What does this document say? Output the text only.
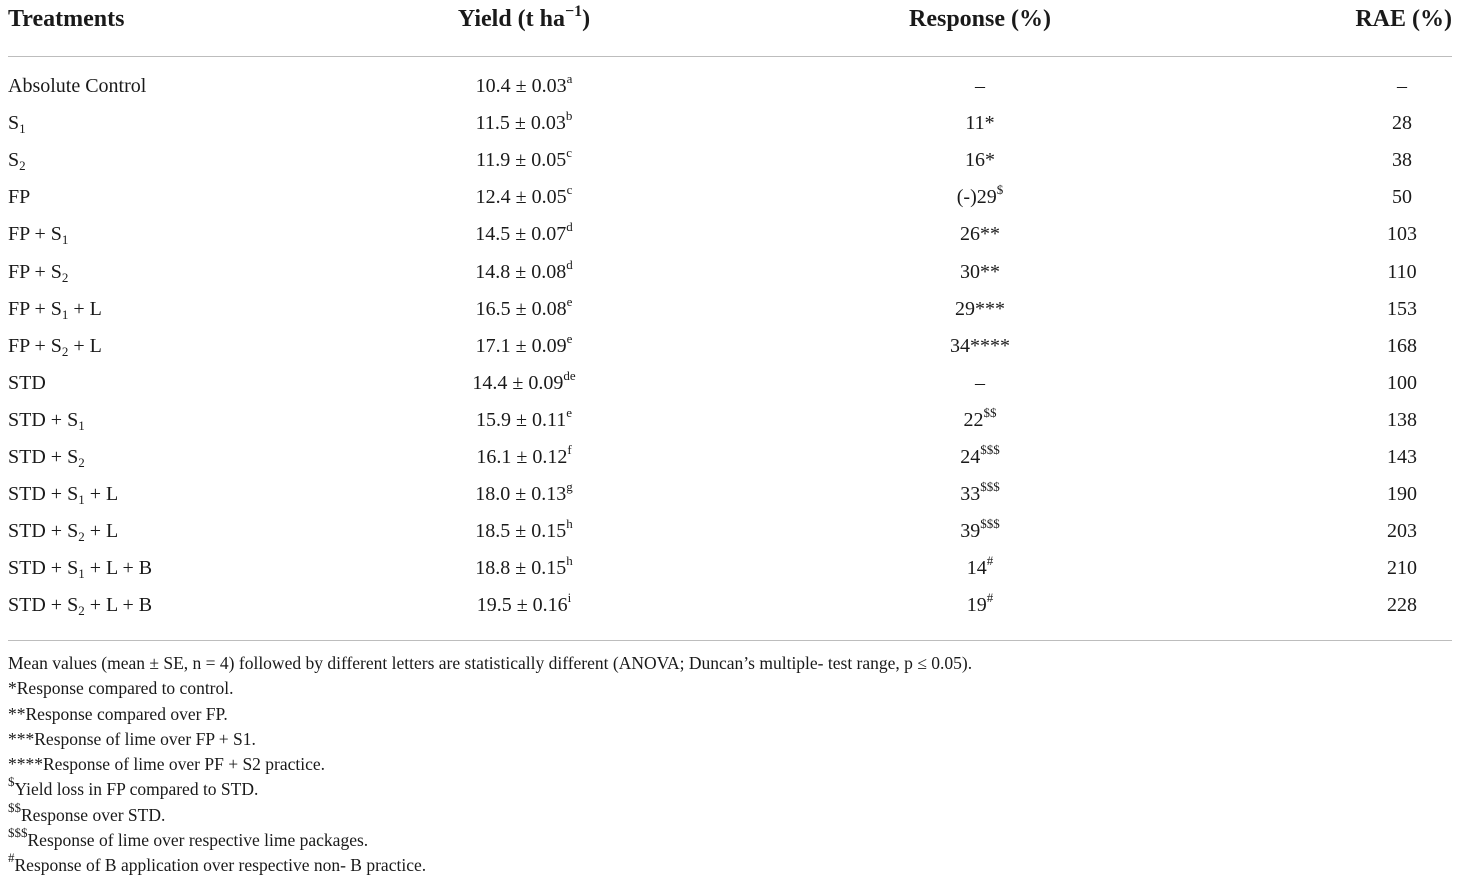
Treatments	Yield (t $ha^{-1}$)	Response (%)	RAE (%)
Absolute Control	10.4 ± 0.03$^a$	–	–
$S_1$	11.5 ± 0.03$^b$	11*	28
$S_2$	11.9 ± 0.05$^c$	16*	38
FP	12.4 ± 0.05$^c$	(-)29$	50
FP + $S_1$	14.5 ± 0.07$^d$	26**	103
FP + $S_2$	14.8 ± 0.08$^d$	30**	110
FP + $S_1 + L$	16.5 ± 0.08$^e$	29***	153
FP + $S_2 + L$	17.1 ± 0.09$^e$	34****	168
STD	14.4 ± 0.09de	–	100
STD + $S_1$	15.9 ± 0.11$^e$	22$$	138
STD + $S_2$	16.1 ± 0.12$^f$	24$$$	143
STD + $S_1 + L$	18.0 ± 0.13$^g$	33$$$	190
STD + $S_2 + L$	18.5 ± 0.15$^h$	39$$$	203
STD + $S_1 + L + B$	18.8 ± 0.15$^h$	14#	210
STD + $S_2 + L + B$	$19.5 \pm 0.16^i$	19#	228
Mean values (mean ± SE, n = 4) followed by different letters are statistically different (ANOVA; Duncan’s multiple- test range, p ≤ 0.05).
*Response compared to control.
**Response compared over FP.
***Response of lime over FP + S1.
****Response of lime over PF + S2 practice.
$Yield loss in FP compared to STD.
$$Response over STD.
$$$Response of lime over respective lime packages.
#Response of B application over respective non- B practice.
